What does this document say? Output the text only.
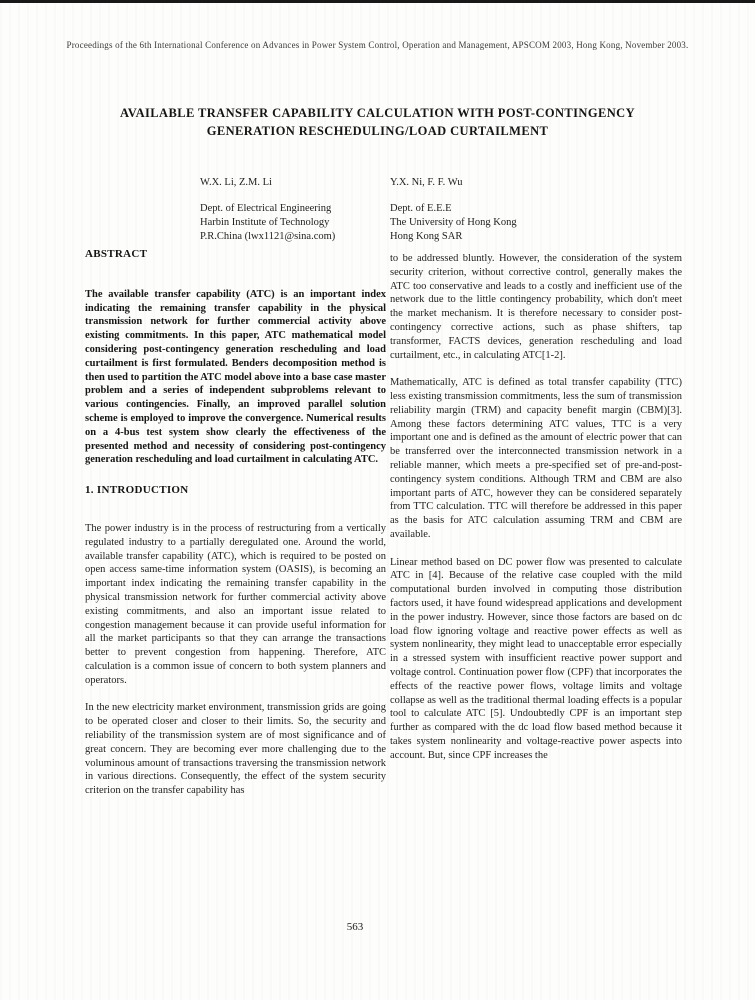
Proceedings of the 6th International Conference on Advances in Power System Control, Operation and Management, APSCOM 2003, Hong Kong, November 2003.
AVAILABLE TRANSFER CAPABILITY CALCULATION WITH POST-CONTINGENCY
GENERATION RESCHEDULING/LOAD CURTAILMENT
W.X. Li, Z.M. Li
Dept. of Electrical Engineering
Harbin Institute of Technology
P.R.China (lwx1121@sina.com)
Y.X. Ni, F. F. Wu
Dept. of E.E.E
The University of Hong Kong
Hong Kong SAR
ABSTRACT
The available transfer capability (ATC) is an important index indicating the remaining transfer capability in the physical transmission network for further commercial activity above existing commitments. In this paper, ATC mathematical model considering post-contingency generation rescheduling and load curtailment is first formulated. Benders decomposition method is then used to partition the ATC model above into a base case master problem and a series of independent subproblems relevant to various contingencies. Finally, an improved parallel solution scheme is employed to improve the convergence. Numerical results on a 4-bus test system show clearly the effectiveness of the presented method and necessity of considering post-contingency generation rescheduling and load curtailment in calculating ATC.
1. INTRODUCTION
The power industry is in the process of restructuring from a vertically regulated industry to a partially deregulated one. Around the world, available transfer capability (ATC), which is required to be posted on open access same-time information system (OASIS), is becoming an important index indicating the remaining transfer capability in the physical transmission network for further commercial activity above existing commitments, and also an important issue related to congestion management because it can provide useful information for all the market participants so that they can arrange the transactions better to prevent congestion from happening. Therefore, ATC calculation is a common issue of concern to both system planners and operators.
In the new electricity market environment, transmission grids are going to be operated closer and closer to their limits. So, the security and reliability of the transmission system are of most significance and of great concern. They are becoming ever more challenging due to the voluminous amount of transactions traversing the transmission network in various directions. Consequently, the effect of the system security criterion on the transfer capability has
to be addressed bluntly. However, the consideration of the system security criterion, without corrective control, generally makes the ATC too conservative and leads to a costly and inefficient use of the network due to the little contingency probability, which don't meet the market mechanism. It is therefore necessary to consider post-contingency corrective actions, such as phase shifters, tap transformer, FACTS devices, generation rescheduling and load curtailment, etc., in calculating ATC[1-2].
Mathematically, ATC is defined as total transfer capability (TTC) less existing transmission commitments, less the sum of transmission reliability margin (TRM) and capacity benefit margin (CBM)[3]. Among these factors determining ATC values, TTC is a very important one and is defined as the amount of electric power that can be transferred over the interconnected transmission network in a reliable manner, which meets a pre-specified set of pre-and-post-contingency system conditions. Although TRM and CBM are also important parts of ATC, however they can be considered separately from TTC calculation. TTC will therefore be addressed in this paper as the basis for ATC calculation assuming TRM and CBM are available.
Linear method based on DC power flow was presented to calculate ATC in [4]. Because of the relative case coupled with the mild computational burden involved in computing those distribution factors used, it have found widespread applications and development in the power industry. However, since those factors are based on dc load flow ignoring voltage and reactive power effects as well as system nonlinearity, they might lead to unacceptable error especially in a stressed system with insufficient reactive power support and voltage control. Continuation power flow (CPF) that incorporates the effects of the reactive power flows, voltage limits and voltage collapse as well as the traditional thermal loading effects is a popular tool to calculate ATC [5]. Undoubtedly CPF is an important step further as compared with the dc load flow based method because it takes system nonlinearity and voltage-reactive power aspects into account. But, since CPF increases the
563
